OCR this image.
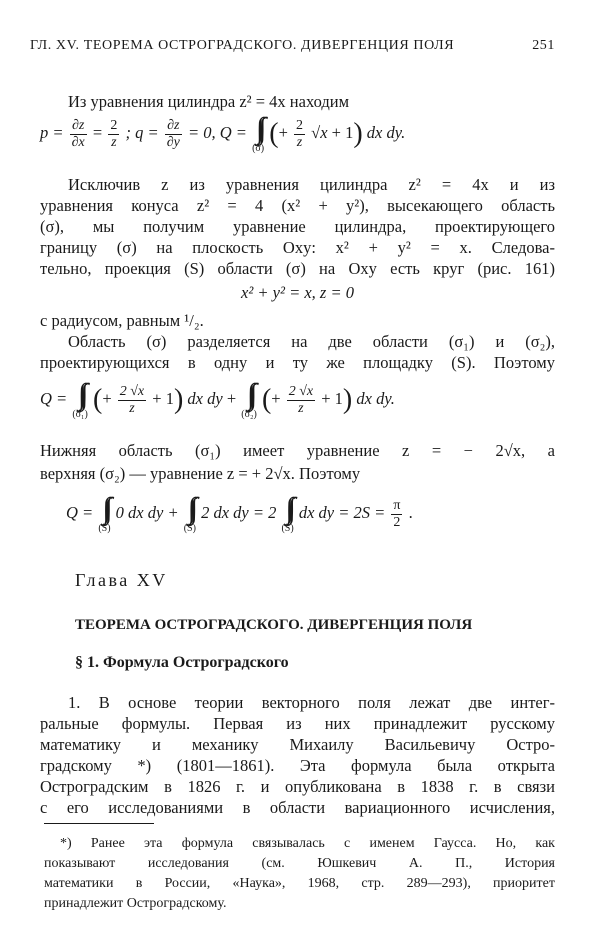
ГЛ. XV. ТЕОРЕМА ОСТРОГРАДСКОГО. ДИВЕРГЕНЦИЯ ПОЛЯ	251
Из уравнения цилиндра z² = 4x находим
$p = \frac{\partial z}{\partial x} = \frac{2}{z}$ ; $q = \frac{\partial z}{\partial y} = 0$, Q = ∫∫
(σ) (+ $\frac{2}{z} √x + 1$) dx dy.
Исключив z из уравнения цилиндра z² = 4x и из
уравнения конуса z² = 4 (x² + y²), высекающего область
(σ), мы получим уравнение цилиндра, проектирующего
границу (σ) на плоскость Oxy: x² + y² = x. Следова-
тельно, проекция (S) области (σ) на Oxy есть круг (рис. 161)
x² + y² = x, z = 0
с радиусом, равным ¹/₂.
Область (σ) разделяется на две области (σ₁) и (σ₂),
проектирующихся в одну и ту же площадку (S). Поэтому
Q = ∫∫
(σ₁) (+ $\frac{2 √x}{z} + 1$) dx dy + ∫∫
(σ₂) (+ $\frac{2 √x}{z} + 1$) dx dy.
Нижняя область (σ₁) имеет уравнение z = − 2√x, а
верхняя (σ₂) — уравнение z = + 2√x. Поэтому
Q = ∫∫
(S)
0 dx dy + ∫∫
(S)
2 dx dy = 2 ∫∫
(S)
dx dy = $2S = \frac{\pi}{2}$ .
Глава XV
ТЕОРЕМА ОСТРОГРАДСКОГО. ДИВЕРГЕНЦИЯ ПОЛЯ
§ 1. Формула Остроградского
1. В основе теории векторного поля лежат две интег-
ральные формулы. Первая из них принадлежит русскому
математику и механику Михаилу Васильевичу Остро-
градскому *) (1801—1861). Эта формула была открыта
Остроградским в 1826 г. и опубликована в 1838 г. в связи
с его исследованиями в области вариационного исчисления,
*) Ранее эта формула связывалась с именем Гаусса. Но, как
показывают исследования (см. Юшкевич А. П., История
математики в России, «Наука», 1968, стр. 289—293), приоритет
принадлежит Остроградскому.
